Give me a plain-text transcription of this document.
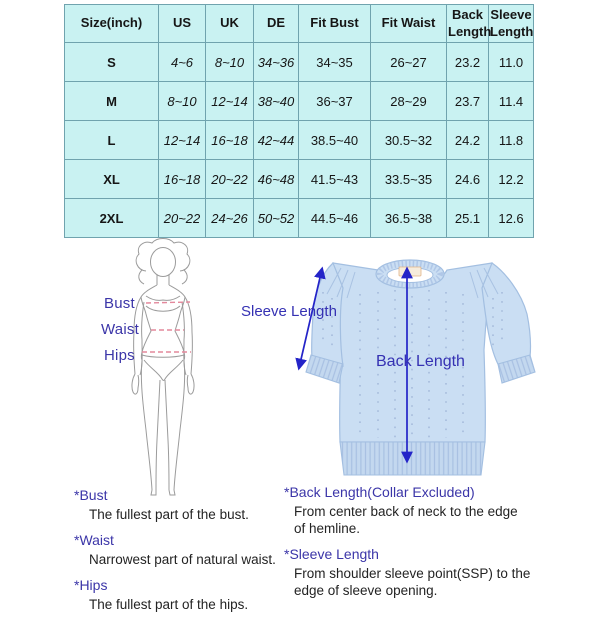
Size(inch)	US	UK	DE	Fit Bust	Fit Waist	Back Length	Sleeve Length
S	4~6	8~10	34~36	34~35	26~27	23.2	11.0
M	8~10	12~14	38~40	36~37	28~29	23.7	11.4
L	12~14	16~18	42~44	38.5~40	30.5~32	24.2	11.8
XL	16~18	20~22	46~48	41.5~43	33.5~35	24.6	12.2
2XL	20~22	24~26	50~52	44.5~46	36.5~38	25.1	12.6
Bust
Waist
Hips
Sleeve Length
Back Length
*Bust
The fullest part of the bust.
*Waist
Narrowest part of natural waist.
*Hips
The fullest part of the hips.
*Back Length(Collar Excluded)
From center back of neck to the edge of hemline.
*Sleeve Length
From shoulder sleeve point(SSP) to the edge of sleeve opening.
